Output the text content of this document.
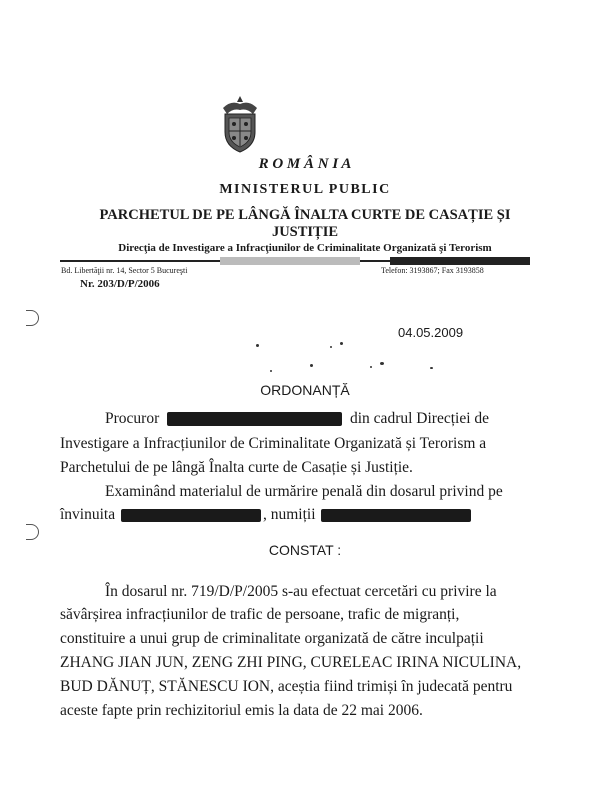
R O M Â N I A
MINISTERUL PUBLIC
PARCHETUL DE PE LÂNGĂ ÎNALTA CURTE DE CASAȚIE ȘI
JUSTIȚIE
Direcţia de Investigare a Infracţiunilor de Criminalitate Organizată şi Terorism
Bd. Libertăţii nr. 14, Sector 5 Bucureşti	Telefon: 3193867; Fax 3193858
Nr. 203/D/P/2006
04.05.2009
ORDONANȚĂ
Procuror	din cadrul Direcției de
Investigare a Infracțiunilor de Criminalitate Organizată și Terorism a
Parchetului de pe lângă Înalta curte de Casație și Justiție.
Examinând materialul de urmărire penală din dosarul privind pe
învinuita	, numiții
CONSTAT :
În dosarul nr. 719/D/P/2005 s-au efectuat cercetări cu privire la
săvârșirea infracțiunilor de trafic de persoane, trafic de migranți,
constituire a unui grup de criminalitate organizată de către inculpații
ZHANG JIAN JUN, ZENG ZHI PING, CURELEAC IRINA NICULINA,
BUD DĂNUȚ, STĂNESCU ION, aceștia fiind trimiși în judecată pentru
aceste fapte prin rechizitoriul emis la data de 22 mai 2006.
